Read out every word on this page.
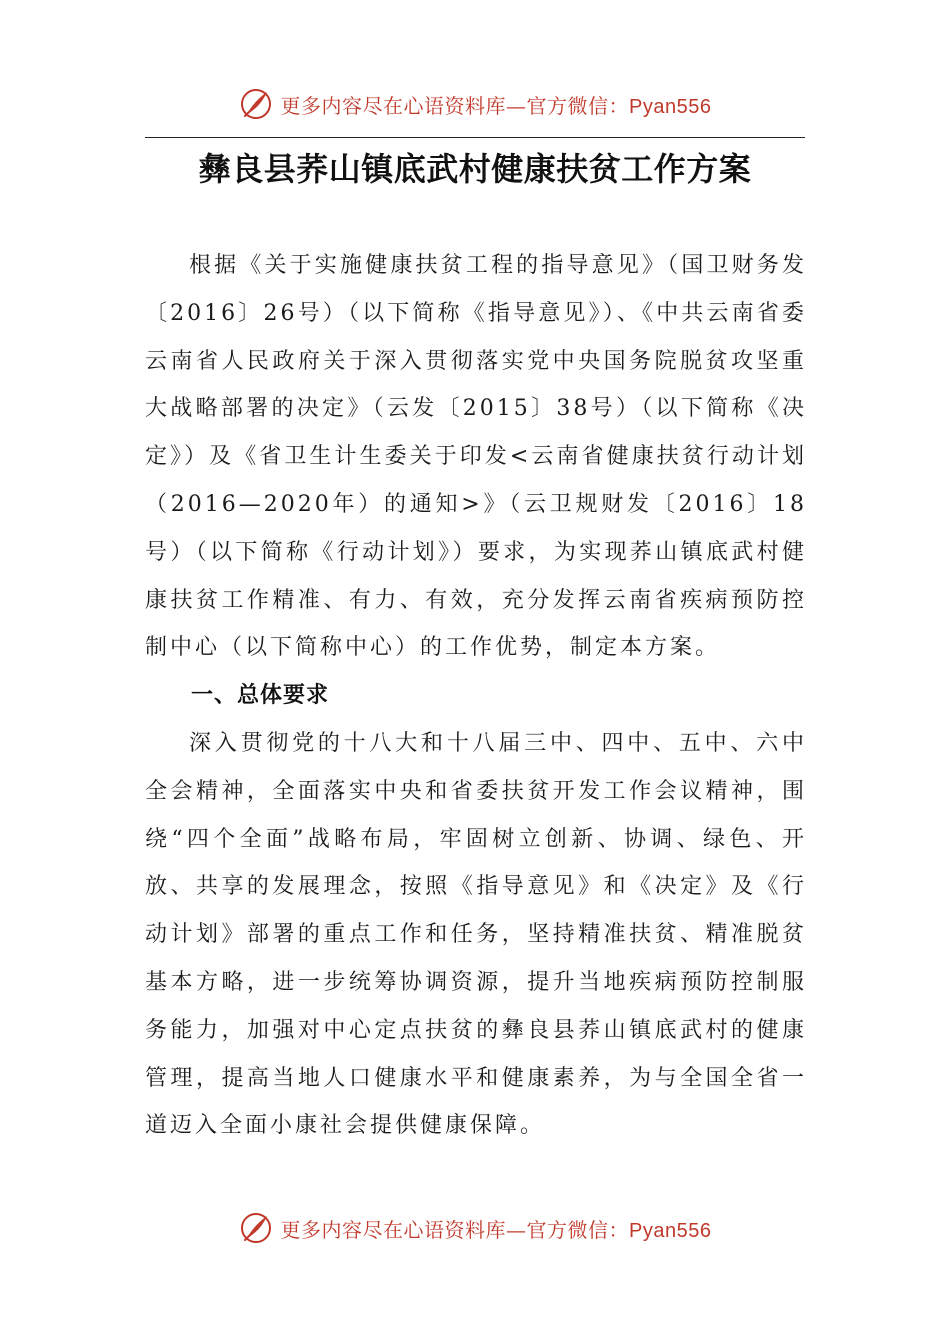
更多内容尽在心语资料库—官方微信：Pyan556
彝良县荞山镇底武村健康扶贫工作方案

根据《关于实施健康扶贫工程的指导意见》（国卫财务发〔2016〕26号）（以下简称《指导意见》）、《中共云南省委 云南省人民政府关于深入贯彻落实党中央国务院脱贫攻坚重大战略部署的决定》（云发〔2015〕38号）（以下简称《决定》）及《省卫生计生委关于印发<云南省健康扶贫行动计划 （2016—2020年）的通知>》（云卫规财发〔2016〕18号）（以下简称《行动计划》）要求，为实现荞山镇底武村健康扶贫工作精准、有力、有效，充分发挥云南省疾病预防控制中心（以下简称中心）的工作优势，制定本方案。

一、总体要求

深入贯彻党的十八大和十八届三中、四中、五中、六中全会精神，全面落实中央和省委扶贫开发工作会议精神，围绕“四个全面”战略布局，牢固树立创新、协调、绿色、开放、共享的发展理念，按照《指导意见》和《决定》及《行动计划》部署的重点工作和任务，坚持精准扶贫、精准脱贫基本方略，进一步统筹协调资源，提升当地疾病预防控制服务能力，加强对中心定点扶贫的彝良县荞山镇底武村的健康管理，提高当地人口健康水平和健康素养，为与全国全省一道迈入全面小康社会提供健康保障。

更多内容尽在心语资料库—官方微信：Pyan556
